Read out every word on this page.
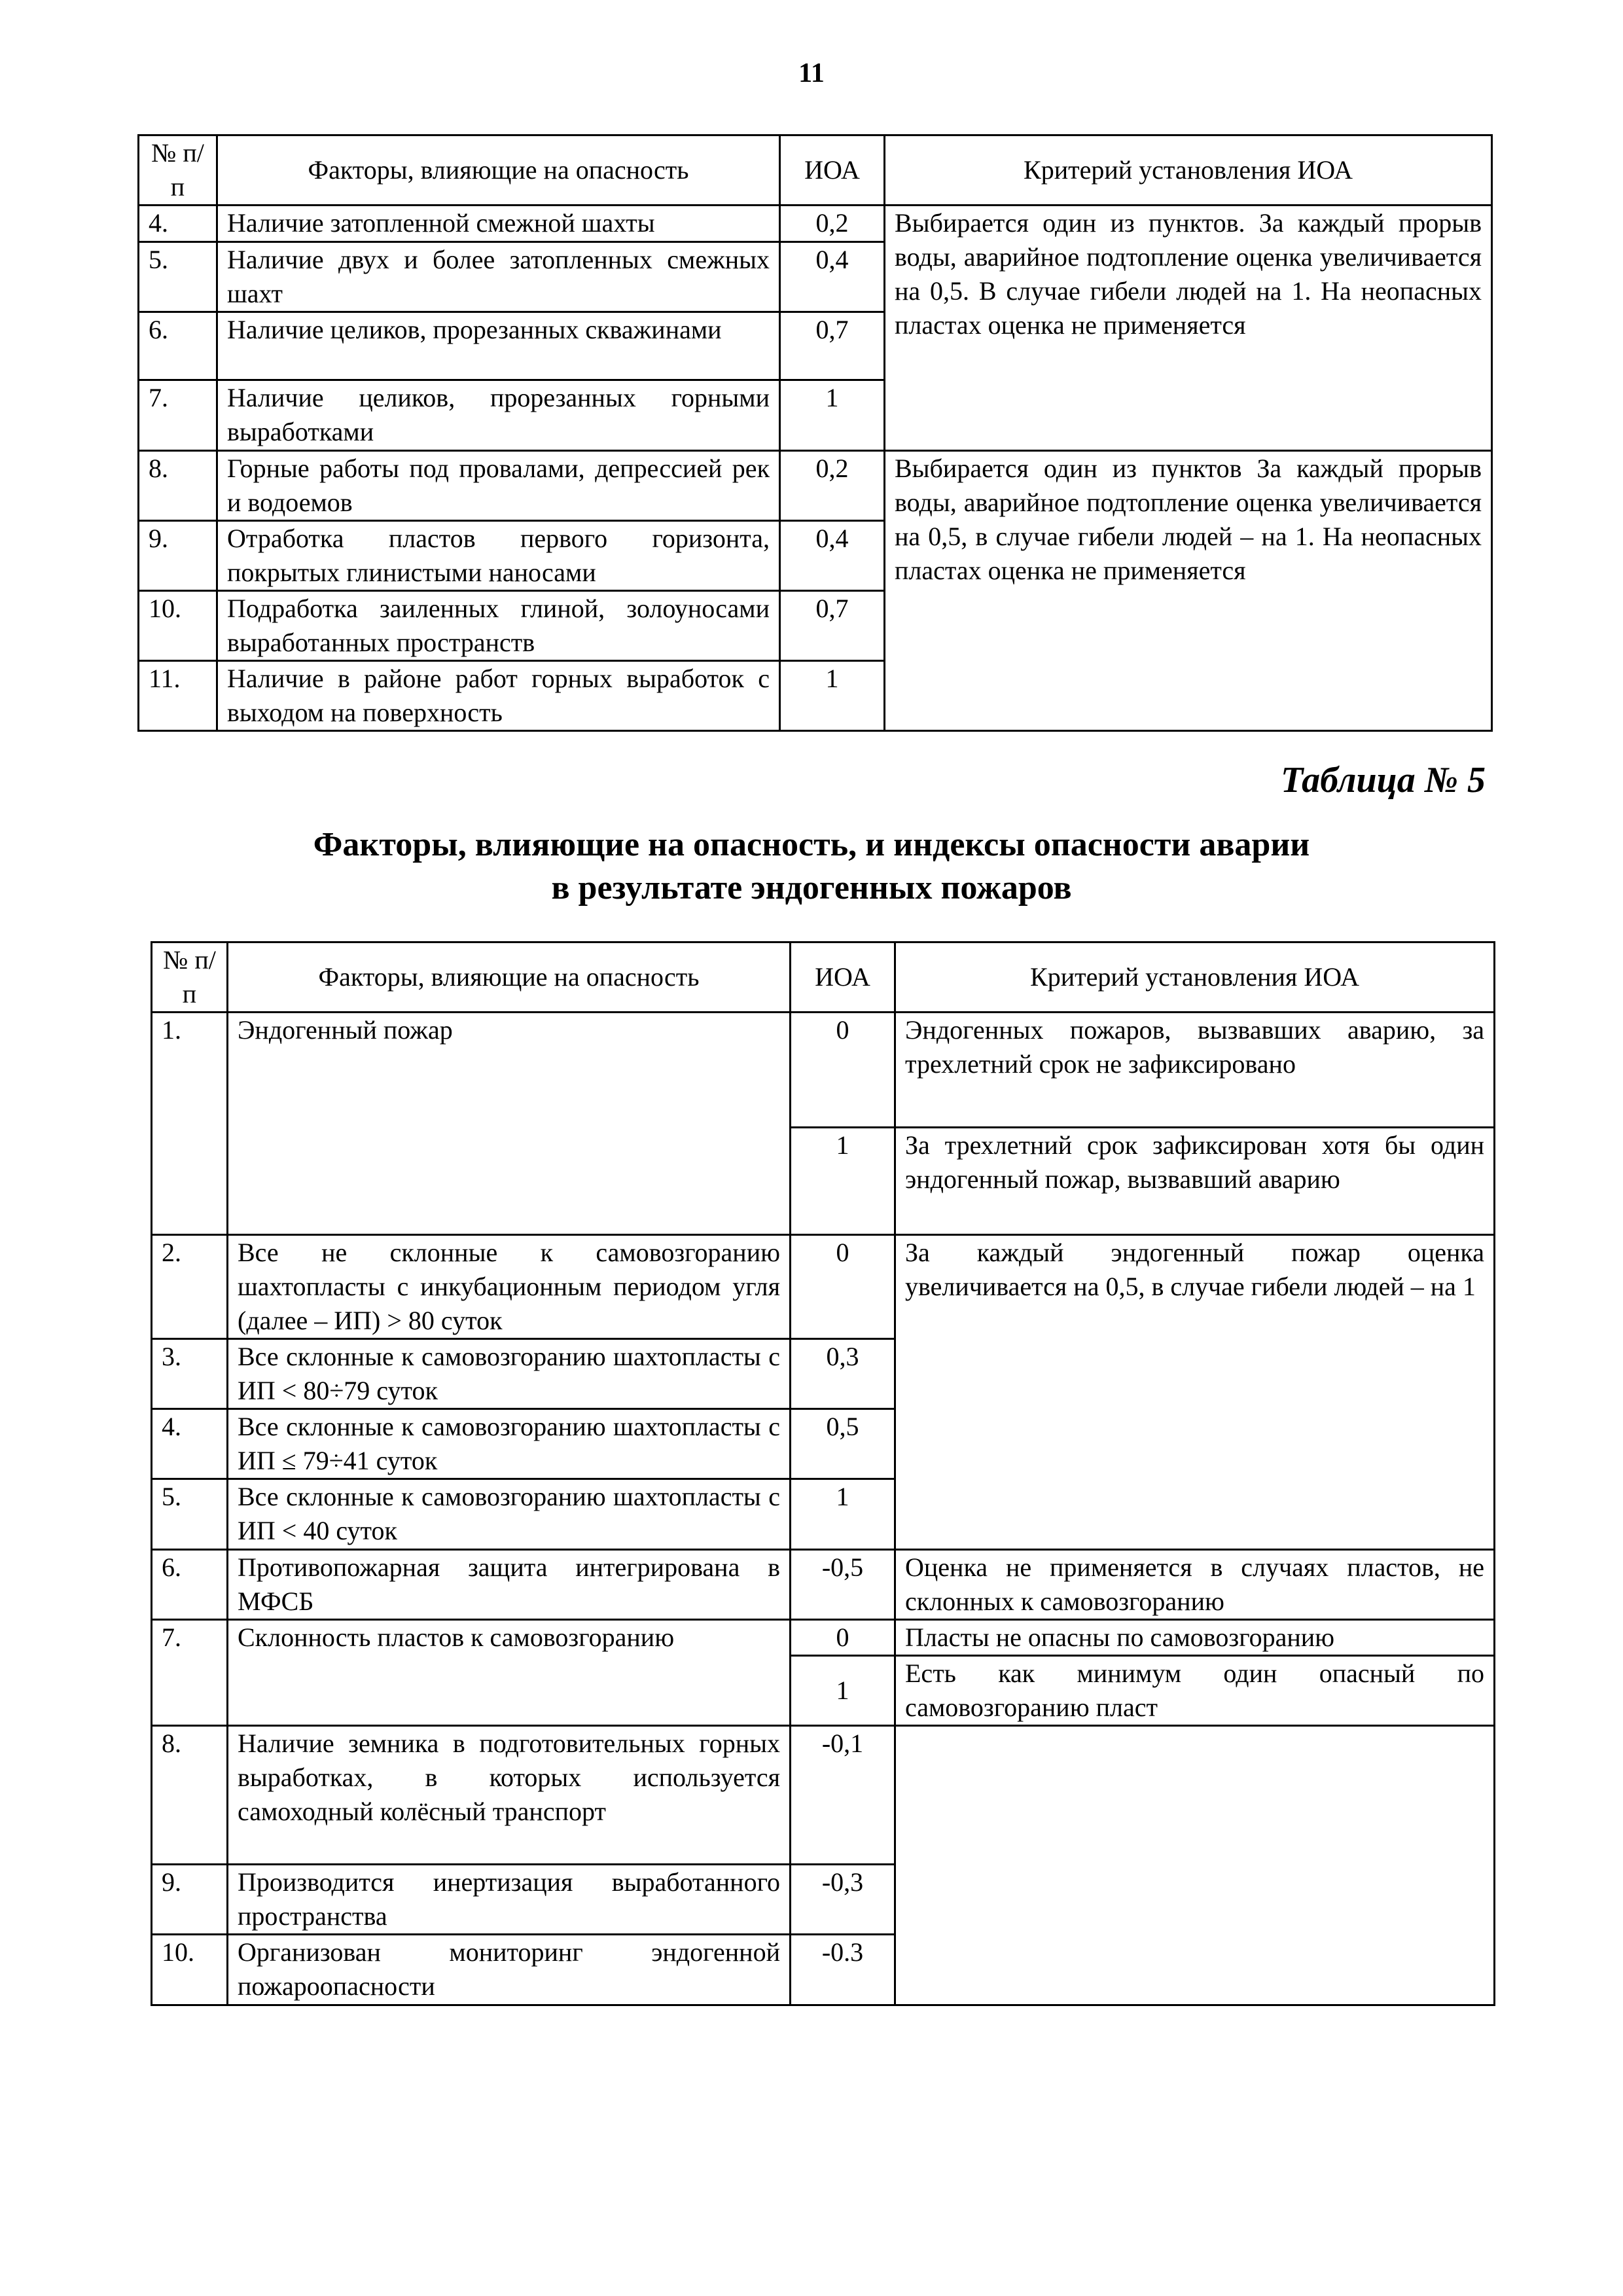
11
№ п/п	Факторы, влияющие на опасность	ИОА	Критерий установления ИОА
4.	Наличие затопленной смежной шахты	0,2	Выбирается один из пунктов. За каждый прорыв воды, аварийное подтопление оценка увеличивается на 0,5. В случае гибели людей на 1. На неопасных пластах оценка не применяется
5.	Наличие двух и более затопленных смежных шахт	0,4	
6.	Наличие целиков, прорезанных скважинами	0,7	
7.	Наличие целиков, прорезанных горными выработками	1	
8.	Горные работы под провалами, депрессией рек и водоемов	0,2	Выбирается один из пунктов За каждый прорыв воды, аварийное подтопление оценка увеличивается на 0,5, в случае гибели людей – на 1. На неопасных пластах оценка не применяется
9.	Отработка пластов первого горизонта, покрытых глинистыми наносами	0,4	
10.	Подработка заиленных глиной, золоуносами выработанных пространств	0,7	
11.	Наличие в районе работ горных выработок с выходом на поверхность	1	
Таблица № 5
Факторы, влияющие на опасность, и индексы опасности аварии
в результате эндогенных пожаров
№ п/п	Факторы, влияющие на опасность	ИОА	Критерий установления ИОА
1.	Эндогенный пожар	0	Эндогенных пожаров, вызвавших аварию, за трехлетний срок не зафиксировано
		1	За трехлетний срок зафиксирован хотя бы один эндогенный пожар, вызвавший аварию
2.	Все не склонные к самовозгоранию шахтопласты с инкубационным периодом угля (далее – ИП) > 80 суток	0	За каждый эндогенный пожар оценка увеличивается на 0,5, в случае гибели людей – на 1
3.	Все склонные к самовозгоранию шахтопласты с ИП < 80÷79 суток	0,3	
4.	Все склонные к самовозгоранию шахтопласты с ИП ≤ 79÷41 суток	0,5	
5.	Все склонные к самовозгоранию шахтопласты с ИП < 40 суток	1	
6.	Противопожарная защита интегрирована в МФСБ	-0,5	Оценка не применяется в случаях пластов, не склонных к самовозгоранию
7.	Склонность пластов к самовозгоранию	0	Пласты не опасны по самовозгоранию
		1	Есть как минимум один опасный по самовозгоранию пласт
8.	Наличие земника в подготовительных горных выработках, в которых используется самоходный колёсный транспорт	-0,1	
9.	Производится инертизация выработанного пространства	-0,3	
10.	Организован мониторинг эндогенной пожароопасности	-0.3	
